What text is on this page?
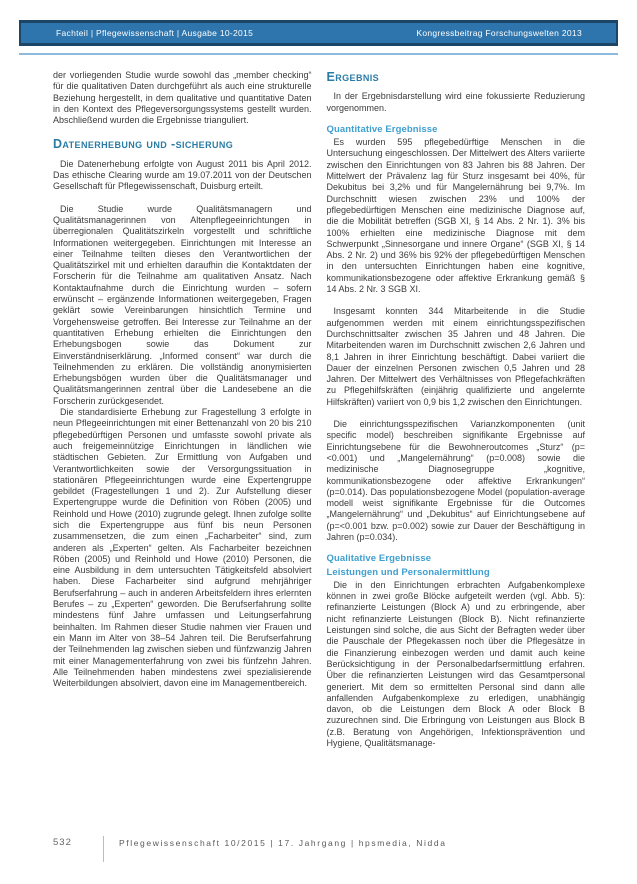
Fachteil | Pflegewissenschaft | Ausgabe 10-2015	Kongressbeitrag Forschungswelten 2013

der vorliegenden Studie wurde sowohl das „member checking“ für die qualitativen Daten durchgeführt als auch eine strukturelle Beziehung hergestellt, in dem qualitative und quantitative Daten in den Kontext des Pflegeversorgungssystems gestellt wurden. Abschließend wurden die Ergebnisse trianguliert.

Datenerhebung und -sicherung

Die Datenerhebung erfolgte von August 2011 bis April 2012. Das ethische Clearing wurde am 19.07.2011 von der Deutschen Gesellschaft für Pflegewissenschaft, Duisburg erteilt.

Die Studie wurde Qualitätsmanagern und Qualitätsmanagerinnen von Altenpflegeeinrichtungen in überregionalen Qualitätszirkeln vorgestellt und schriftliche Informationen weitergegeben. Einrichtungen mit Interesse an einer Teilnahme teilten dieses den Verantwortlichen der Qualitätszirkel mit und erhielten daraufhin die Kontaktdaten der Forscherin für die Teilnahme am qualitativen Ansatz. Nach Kontaktaufnahme durch die Einrichtung wurden – sofern erwünscht – ergänzende Informationen weitergegeben, Fragen geklärt sowie Vereinbarungen hinsichtlich Termine und Vorgehensweise getroffen. Bei Interesse zur Teilnahme an der quantitativen Erhebung erhielten die Einrichtungen den Erhebungsbogen sowie das Dokument zur Einverständniserklärung. „Informed consent“ war durch die Teilnehmenden zu erklären. Die vollständig anonymisierten Erhebungsbögen wurden über die Qualitätsmanager und Qualitätsmangerinnen zentral über die Landesebene an die Forscherin zurückgesendet.

Die standardisierte Erhebung zur Fragestellung 3 erfolgte in neun Pflegeeinrichtungen mit einer Bettenanzahl von 20 bis 210 pflegebedürftigen Personen und umfasste sowohl private als auch freigemeinnützige Einrichtungen in ländlichen wie städtischen Gebieten. Zur Ermittlung von Aufgaben und Verantwortlichkeiten sowie der Versorgungssituation in stationären Pflegeeinrichtungen wurde eine Expertengruppe gebildet (Fragestellungen 1 und 2). Zur Aufstellung dieser Expertengruppe wurde die Definition von Röben (2005) und Reinhold und Howe (2010) zugrunde gelegt. Ihnen zufolge sollte sich die Expertengruppe aus fünf bis neun Personen zusammensetzen, die zum einen „Facharbeiter“ sind, zum anderen als „Experten“ gelten. Als Facharbeiter bezeichnen Röben (2005) und Reinhold und Howe (2010) Personen, die eine Ausbildung in dem untersuchten Tätigkeitsfeld absolviert haben. Diese Facharbeiter sind aufgrund mehrjähriger Berufserfahrung – auch in anderen Arbeitsfeldern ihres erlernten Berufes – zu „Experten“ geworden. Die Berufserfahrung sollte mindestens fünf Jahre umfassen und Leitungserfahrung beinhalten. Im Rahmen dieser Studie nahmen vier Frauen und ein Mann im Alter von 38–54 Jahren teil. Die Berufserfahrung der Teilnehmenden lag zwischen sieben und fünfzwanzig Jahren mit einer Managementerfahrung von zwei bis fünfzehn Jahren. Alle Teilnehmenden haben mindestens zwei spezialisierende Weiterbildungen absolviert, davon eine im Managementbereich.

Ergebnis

In der Ergebnisdarstellung wird eine fokussierte Reduzierung vorgenommen.

Quantitative Ergebnisse

Es wurden 595 pflegebedürftige Menschen in die Untersuchung eingeschlossen. Der Mittelwert des Alters variierte zwischen den Einrichtungen von 83 Jahren bis 88 Jahren. Der Mittelwert der Prävalenz lag für Sturz insgesamt bei 40%, für Dekubitus bei 3,2% und für Mangelernährung bei 9,7%. Im Durchschnitt wiesen zwischen 23% und 100% der pflegebedürftigen Menschen eine medizinische Diagnose auf, die die Mobilität betreffen (SGB XI, § 14 Abs. 2 Nr. 1). 3% bis 100% erhielten eine medizinische Diagnose mit dem Schwerpunkt „Sinnesorgane und innere Organe“ (SGB XI, § 14 Abs. 2 Nr. 2) und 36% bis 92% der pflegebedürftigen Menschen in den untersuchten Einrichtungen haben eine kognitive, kommunikationsbezogene oder affektive Erkrankung gemäß § 14 Abs. 2 Nr. 3 SGB XI.

Insgesamt konnten 344 Mitarbeitende in die Studie aufgenommen werden mit einem einrichtungsspezifischen Durchschnittsalter zwischen 35 Jahren und 48 Jahren. Die Mitarbeitenden waren im Durchschnitt zwischen 2,6 Jahren und 8,1 Jahren in ihrer Einrichtung beschäftigt. Dabei variiert die Dauer der einzelnen Personen zwischen 0,5 Jahren und 28 Jahren. Der Mittelwert des Verhältnisses von Pflegefachkräften zu Pflegehilfskräften (einjährig qualifizierte und angelernte Hilfskräften) variiert von 0,9 bis 1,2 zwischen den Einrichtungen.

Die einrichtungsspezifischen Varianzkomponenten (unit specific model) beschreiben signifikante Ergebnisse auf Einrichtungsebene für die Bewohneroutcomes „Sturz“ (p=<0.001) und „Mangelernährung“ (p=0.008) sowie die medizinische Diagnosegruppe „kognitive, kommunikationsbezogene oder affektive Erkrankungen“ (p=0.014). Das populationsbezogene Model (population-average modell weist signifikante Ergebnisse für die Outcomes „Mangelernährung“ und „Dekubitus“ auf Einrichtungsebene auf (p=<0.001 bzw. p=0.002) sowie zur Dauer der Beschäftigung in Jahren (p=0.034).

Qualitative Ergebnisse
Leistungen und Personalermittlung

Die in den Einrichtungen erbrachten Aufgabenkomplexe können in zwei große Blöcke aufgeteilt werden (vgl. Abb. 5): refinanzierte Leistungen (Block A) und zu erbringende, aber nicht refinanzierte Leistungen (Block B). Nicht refinanzierte Leistungen sind solche, die aus Sicht der Befragten weder über die Pauschale der Pflegekassen noch über die Pflegesätze in die Finanzierung einbezogen werden und damit auch keine Berücksichtigung in der Personalbedarfsermittlung erfahren. Über die refinanzierten Leistungen wird das Gesamtpersonal generiert. Mit dem so ermittelten Personal sind dann alle anfallenden Aufgabenkomplexe zu erledigen, unabhängig davon, ob die Leistungen dem Block A oder Block B zuzurechnen sind. Die Erbringung von Leistungen aus Block B (z.B. Beratung von Angehörigen, Infektionsprävention und Hygiene, Qualitätsmanage-

532	Pflegewissenschaft 10/2015 | 17. Jahrgang | hpsmedia, Nidda
